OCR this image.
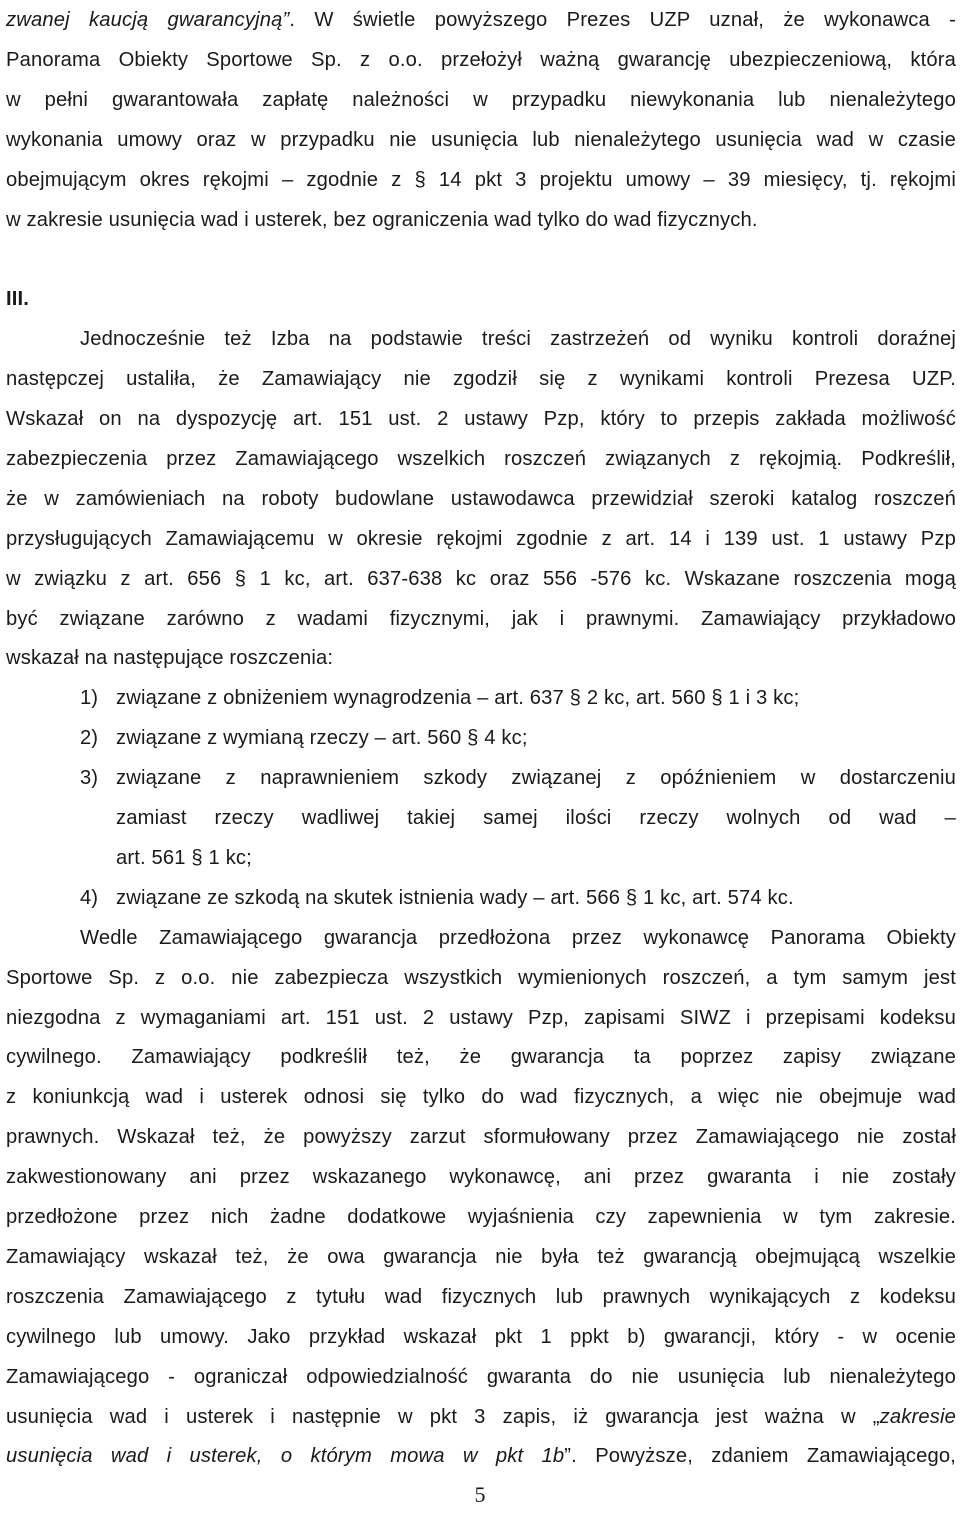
zwanej kaucją gwarancyjną”. W świetle powyższego Prezes UZP uznał, że wykonawca -
Panorama Obiekty Sportowe Sp. z o.o. przełożył ważną gwarancję ubezpieczeniową, która
w pełni gwarantowała zapłatę należności w przypadku niewykonania lub nienależytego
wykonania umowy oraz w przypadku nie usunięcia lub nienależytego usunięcia wad w czasie
obejmującym okres rękojmi – zgodnie z § 14 pkt 3 projektu umowy – 39 miesięcy, tj. rękojmi
w zakresie usunięcia wad i usterek, bez ograniczenia wad tylko do wad fizycznych.
III.
Jednocześnie też Izba na podstawie treści zastrzeżeń od wyniku kontroli doraźnej
następczej ustaliła, że Zamawiający nie zgodził się z wynikami kontroli Prezesa UZP.
Wskazał on na dyspozycję art. 151 ust. 2 ustawy Pzp, który to przepis zakłada możliwość
zabezpieczenia przez Zamawiającego wszelkich roszczeń związanych z rękojmią. Podkreślił,
że w zamówieniach na roboty budowlane ustawodawca przewidział szeroki katalog roszczeń
przysługujących Zamawiającemu w okresie rękojmi zgodnie z art. 14 i 139 ust. 1 ustawy Pzp
w związku z art. 656 § 1 kc, art. 637-638 kc oraz 556 -576 kc. Wskazane roszczenia mogą
być związane zarówno z wadami fizycznymi, jak i prawnymi. Zamawiający przykładowo
wskazał na następujące roszczenia:
1) związane z obniżeniem wynagrodzenia – art. 637 § 2 kc, art. 560 § 1 i 3 kc;
2) związane z wymianą rzeczy – art. 560 § 4 kc;
3) związane z naprawnieniem szkody związanej z opóźnieniem w dostarczeniu
zamiast rzeczy wadliwej takiej samej ilości rzeczy wolnych od wad –
art. 561 § 1 kc;
4) związane ze szkodą na skutek istnienia wady – art. 566 § 1 kc, art. 574 kc.
Wedle Zamawiającego gwarancja przedłożona przez wykonawcę Panorama Obiekty
Sportowe Sp. z o.o. nie zabezpiecza wszystkich wymienionych roszczeń, a tym samym jest
niezgodna z wymaganiami art. 151 ust. 2 ustawy Pzp, zapisami SIWZ i przepisami kodeksu
cywilnego. Zamawiający podkreślił też, że gwarancja ta poprzez zapisy związane
z koniunkcją wad i usterek odnosi się tylko do wad fizycznych, a więc nie obejmuje wad
prawnych. Wskazał też, że powyższy zarzut sformułowany przez Zamawiającego nie został
zakwestionowany ani przez wskazanego wykonawcę, ani przez gwaranta i nie zostały
przedłożone przez nich żadne dodatkowe wyjaśnienia czy zapewnienia w tym zakresie.
Zamawiający wskazał też, że owa gwarancja nie była też gwarancją obejmującą wszelkie
roszczenia Zamawiającego z tytułu wad fizycznych lub prawnych wynikających z kodeksu
cywilnego lub umowy. Jako przykład wskazał pkt 1 ppkt b) gwarancji, który - w ocenie
Zamawiającego - ograniczał odpowiedzialność gwaranta do nie usunięcia lub nienależytego
usunięcia wad i usterek i następnie w pkt 3 zapis, iż gwarancja jest ważna w „zakresie
usunięcia wad i usterek, o którym mowa w pkt 1b”. Powyższe, zdaniem Zamawiającego,
5
